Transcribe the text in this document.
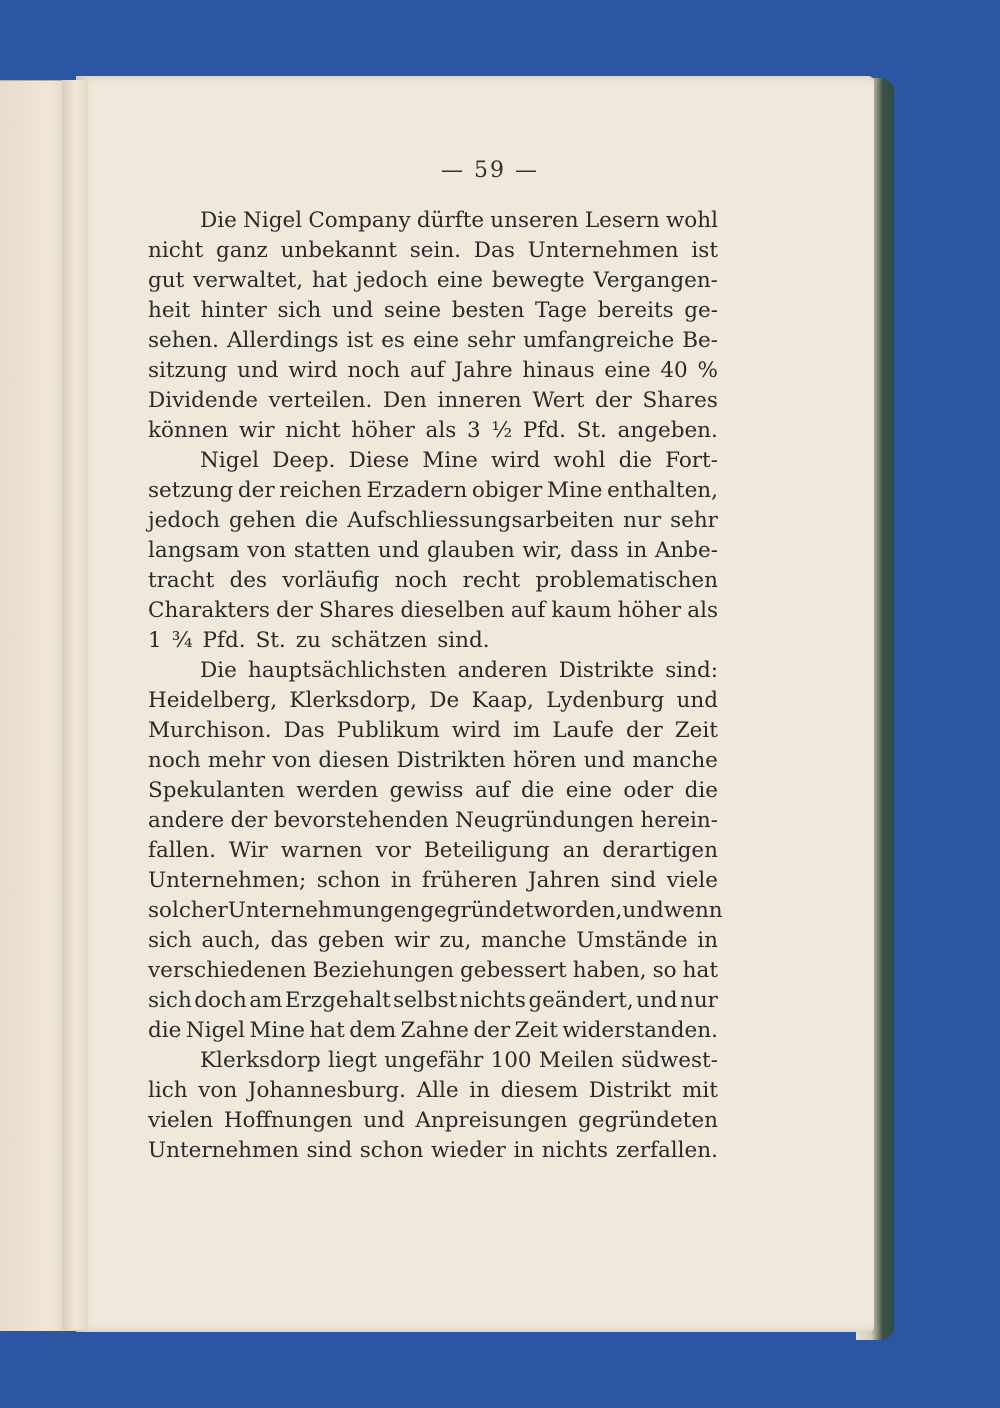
— 59 —
Die Nigel Company dürfte unseren Lesern wohl
nicht ganz unbekannt sein. Das Unternehmen ist
gut verwaltet, hat jedoch eine bewegte Vergangen-
heit hinter sich und seine besten Tage bereits ge-
sehen. Allerdings ist es eine sehr umfangreiche Be-
sitzung und wird noch auf Jahre hinaus eine 40 %
Dividende verteilen. Den inneren Wert der Shares
können wir nicht höher als 3 ½ Pfd. St. angeben.
Nigel Deep. Diese Mine wird wohl die Fort-
setzung der reichen Erzadern obiger Mine enthalten,
jedoch gehen die Aufschliessungsarbeiten nur sehr
langsam von statten und glauben wir, dass in Anbe-
tracht des vorläufig noch recht problematischen
Charakters der Shares dieselben auf kaum höher als
1 ¾ Pfd. St. zu schätzen sind.
Die hauptsächlichsten anderen Distrikte sind:
Heidelberg, Klerksdorp, De Kaap, Lydenburg und
Murchison. Das Publikum wird im Laufe der Zeit
noch mehr von diesen Distrikten hören und manche
Spekulanten werden gewiss auf die eine oder die
andere der bevorstehenden Neugründungen herein-
fallen. Wir warnen vor Beteiligung an derartigen
Unternehmen; schon in früheren Jahren sind viele
solcher Unternehmungen gegründet worden, und wenn
sich auch, das geben wir zu, manche Umstände in
verschiedenen Beziehungen gebessert haben, so hat
sich doch am Erzgehalt selbst nichts geändert, und nur
die Nigel Mine hat dem Zahne der Zeit widerstanden.
Klerksdorp liegt ungefähr 100 Meilen südwest-
lich von Johannesburg. Alle in diesem Distrikt mit
vielen Hoffnungen und Anpreisungen gegründeten
Unternehmen sind schon wieder in nichts zerfallen.
